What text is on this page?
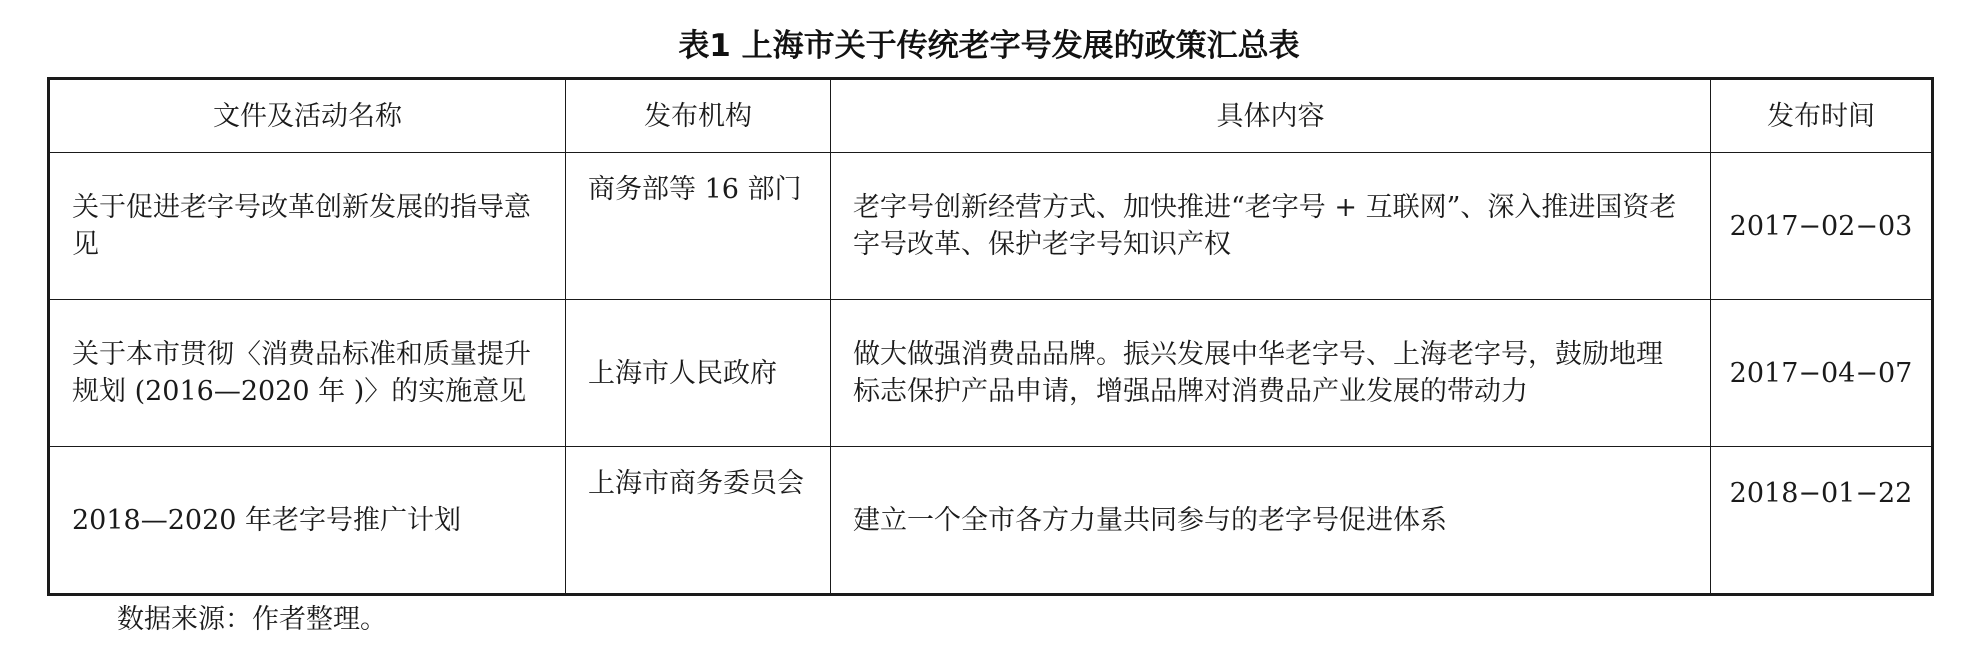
表1 上海市关于传统老字号发展的政策汇总表
文件及活动名称	发布机构	具体内容	发布时间
关于促进老字号改革创新发展的指导意见	商务部等 16 部门	老字号创新经营方式、加快推进“老字号 + 互联网”、深入推进国资老字号改革、保护老字号知识产权	2017−02−03
关于本市贯彻〈消费品标准和质量提升规划 (2016—2020 年 )〉的实施意见	上海市人民政府	做大做强消费品品牌。振兴发展中华老字号、上海老字号，鼓励地理标志保护产品申请，增强品牌对消费品产业发展的带动力	2017−04−07
2018—2020 年老字号推广计划	上海市商务委员会	建立一个全市各方力量共同参与的老字号促进体系	2018−01−22
数据来源：作者整理。
